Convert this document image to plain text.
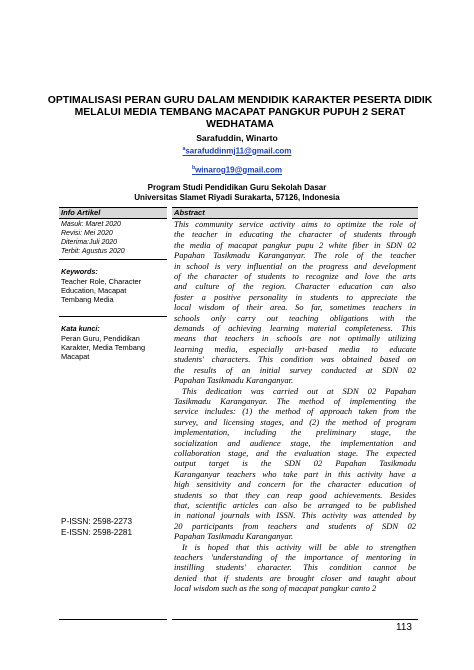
OPTIMALISASI PERAN GURU DALAM MENDIDIK KARAKTER PESERTA DIDIK
MELALUI MEDIA TEMBANG MACAPAT PANGKUR PUPUH 2 SERAT
WEDHATAMA
Sarafuddin, Winarto
$^a$sarafuddinmj11@gmail.com
$^b$winarog19@gmail.com
Program Studi Pendidikan Guru Sekolah Dasar
Universitas Slamet Riyadi Surakarta, 57126, Indonesia
Info Artikel
Masuk: Maret 2020
Revisi: Mei 2020
Diterima:Juli 2020
Terbit: Agustus 2020
Keywords:
Teacher Role, Character
Education, Macapat
Tembang Media
Kata kunci:
Peran Guru, Pendidikan
Karakter, Media Tembang
Macapat
P-ISSN: 2598-2273
E-ISSN: 2598-2281
Abstract
This community service activity aims to optimize the role of
the teacher in educating the character of students through
the media of macapat pangkur pupu 2 white fiber in SDN 02
Papahan Tasikmadu Karanganyar. The role of the teacher
in school is very influential on the progress and development
of the character of students to recognize and love the arts
and culture of the region. Character education can also
foster a positive personality in students to appreciate the
local wisdom of their area. So far, sometimes teachers in
schools only carry out teaching obligations with the
demands of achieving learning material completeness. This
means that teachers in schools are not optimally utilizing
learning media, especially art-based media to educate
students' characters. This condition was obtained based on
the results of an initial survey conducted at SDN 02
Papahan Tasikmadu Karanganyar.
This dedication was carried out at SDN 02 Papahan
Tasikmadu Karanganyar. The method of implementing the
service includes: (1) the method of approach taken from the
survey, and licensing stages, and (2) the method of program
implementation, including the preliminary stage, the
socialization and audience stage, the implementation and
collaboration stage, and the evaluation stage. The expected
output target is the SDN 02 Papahan Tasikmadu
Karanganyar teachers who take part in this activity have a
high sensitivity and concern for the character education of
students so that they can reap good achievements. Besides
that, scientific articles can also be arranged to be published
in national journals with ISSN. This activity was attended by
20 participants from teachers and students of SDN 02
Papahan Tasikmadu Karanganyar.
It is hoped that this activity will be able to strengthen
teachers 'understanding of the importance of mentoring in
instilling students' character. This condition cannot be
denied that if students are brought closer and taught about
local wisdom such as the song of macapat pangkur canto 2
113
